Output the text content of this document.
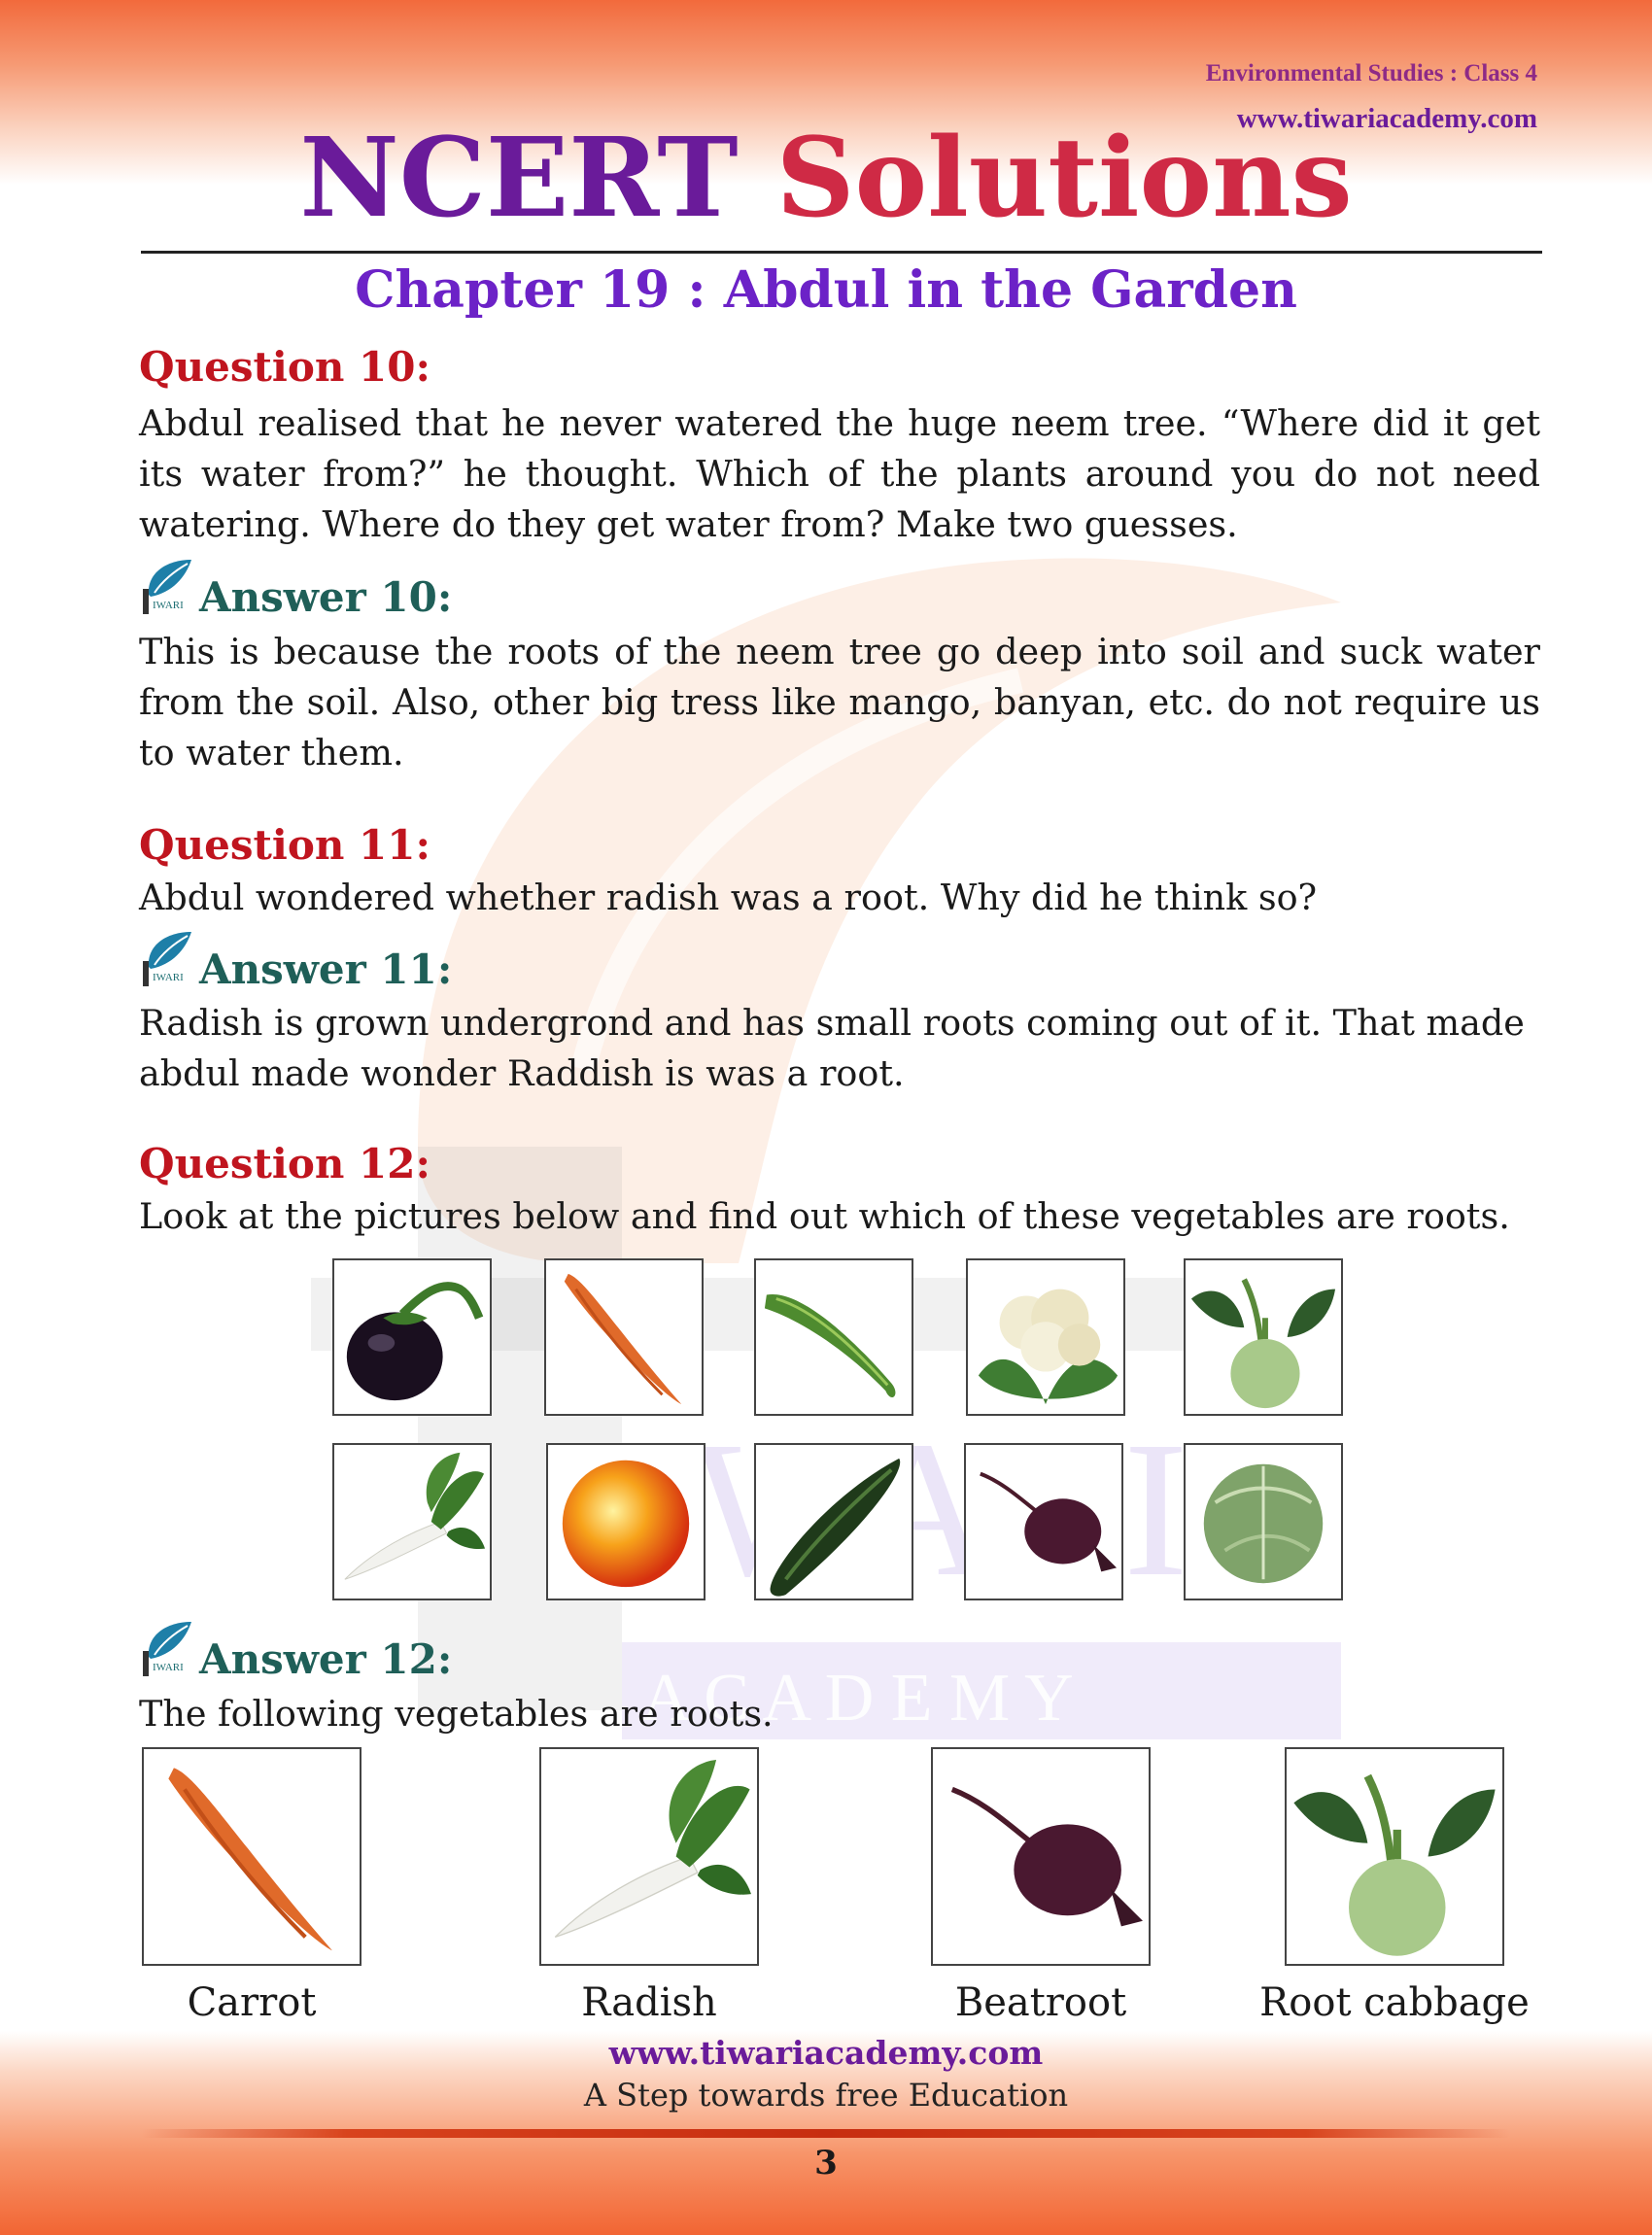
A C A D E M Y
Environmental Studies : Class 4
www.tiwariacademy.com
NCERT Solutions
Chapter 19 : Abdul in the Garden
Question 10:

Abdul realised that he never watered the huge neem tree. “Where did it get its water from?” he thought. Which of the plants around you do not need watering. Where do they get water from? Make two guesses.

IWARI Answer 10:

This is because the roots of the neem tree go deep into soil and suck water from the soil. Also, other big tress like mango, banyan, etc. do not require us to water them.

Question 11:

Abdul wondered whether radish was a root. Why did he think so?

IWARI Answer 11:

Radish is grown undergrond and has small roots coming out of it. That made abdul made wonder Raddish is was a root.

Question 12:

Look at the pictures below and find out which of these vegetables are roots.

IWARI Answer 12:

The following vegetables are roots.

Carrot	Radish	Beatroot	Root cabbage
www.tiwariacademy.com
A Step towards free Education
3
